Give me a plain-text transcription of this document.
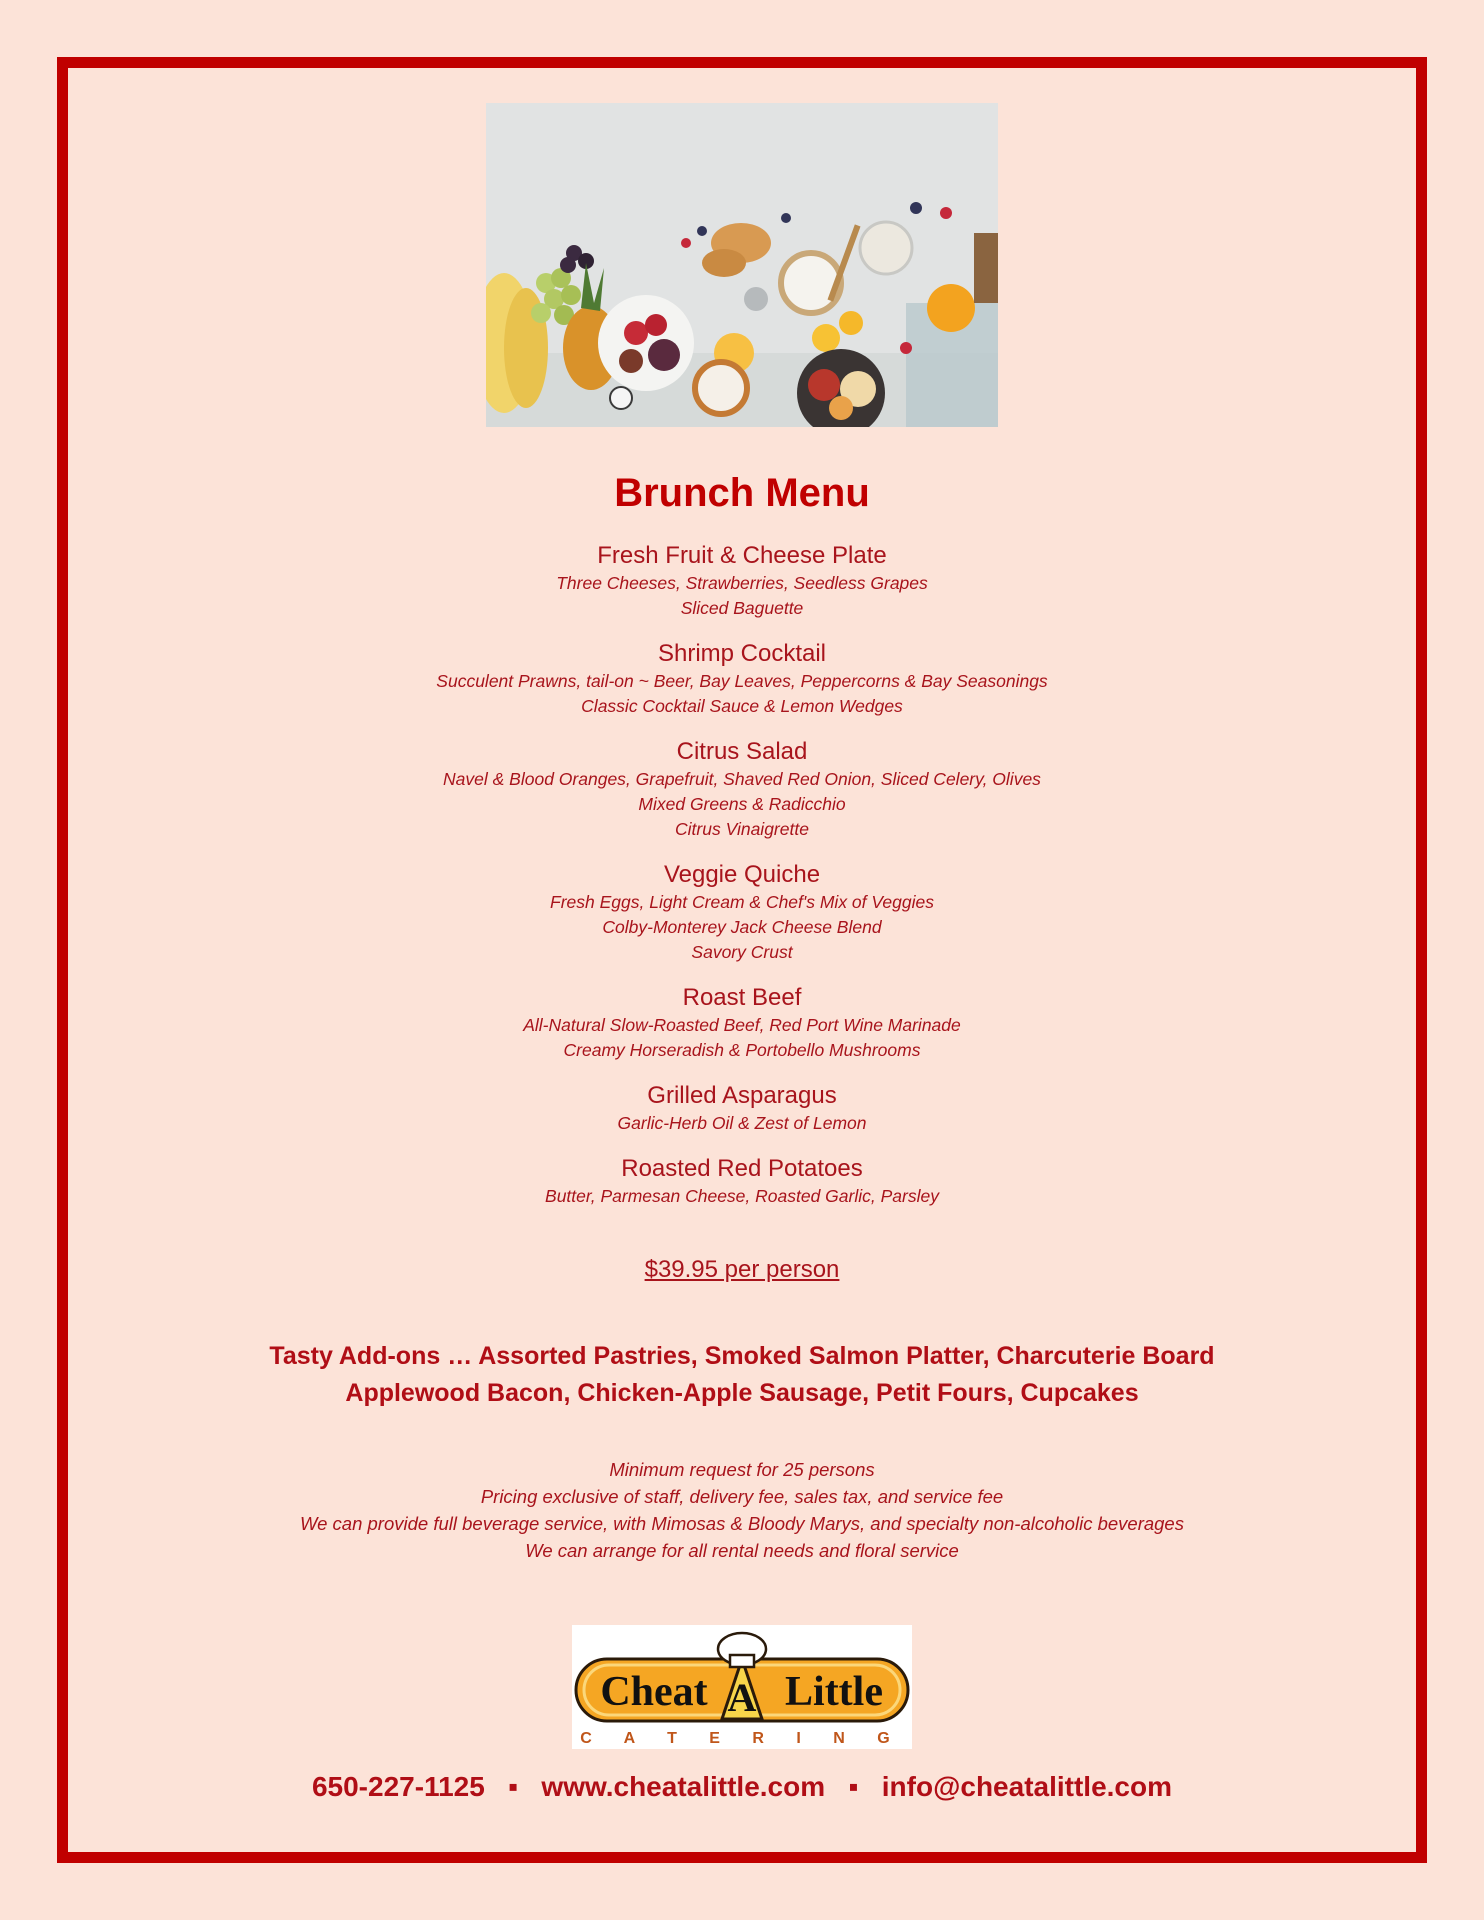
Brunch Menu
Fresh Fruit & Cheese Plate
Three Cheeses, Strawberries, Seedless Grapes
Sliced Baguette
Shrimp Cocktail
Succulent Prawns, tail-on ~ Beer, Bay Leaves, Peppercorns & Bay Seasonings
Classic Cocktail Sauce & Lemon Wedges
Citrus Salad
Navel & Blood Oranges, Grapefruit, Shaved Red Onion, Sliced Celery, Olives
Mixed Greens & Radicchio
Citrus Vinaigrette
Veggie Quiche
Fresh Eggs, Light Cream & Chef's Mix of Veggies
Colby-Monterey Jack Cheese Blend
Savory Crust
Roast Beef
All-Natural Slow-Roasted Beef, Red Port Wine Marinade
Creamy Horseradish & Portobello Mushrooms
Grilled Asparagus
Garlic-Herb Oil & Zest of Lemon
Roasted Red Potatoes
Butter, Parmesan Cheese, Roasted Garlic, Parsley
$39.95 per person
Tasty Add-ons … Assorted Pastries, Smoked Salmon Platter, Charcuterie Board
Applewood Bacon, Chicken-Apple Sausage, Petit Fours, Cupcakes
Minimum request for 25 persons
Pricing exclusive of staff, delivery fee, sales tax, and service fee
We can provide full beverage service, with Mimosas & Bloody Marys, and specialty non-alcoholic beverages
We can arrange for all rental needs and floral service
Cheat A Little
C A T E R I N G
650-227-1125 ▪ www.cheatalittle.com ▪ info@cheatalittle.com
